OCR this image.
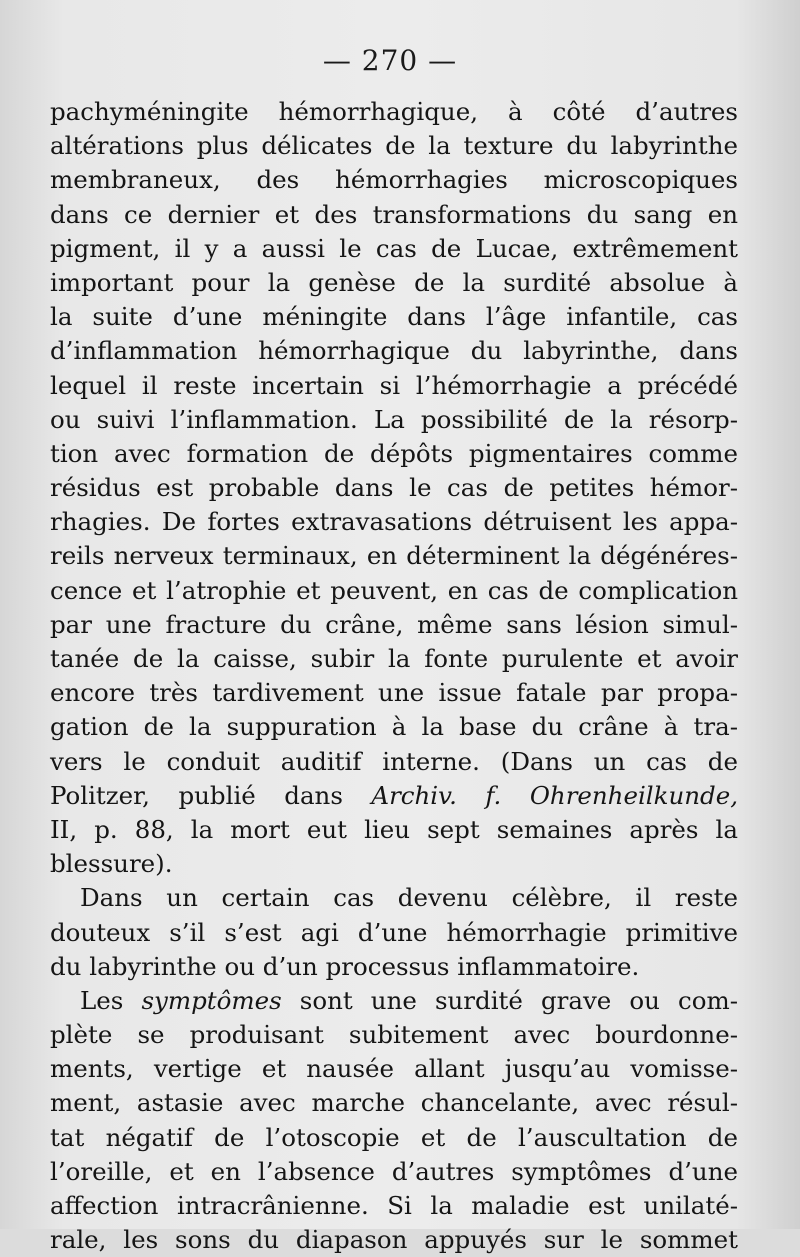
— 270 —
pachyméningite hémorrhagique, à côté d’autres
altérations plus délicates de la texture du labyrinthe
membraneux, des hémorrhagies microscopiques
dans ce dernier et des transformations du sang en
pigment, il y a aussi le cas de Lucae, extrêmement
important pour la genèse de la surdité absolue à
la suite d’une méningite dans l’âge infantile, cas
d’inflammation hémorrhagique du labyrinthe, dans
lequel il reste incertain si l’hémorrhagie a précédé
ou suivi l’inflammation. La possibilité de la résorp-
tion avec formation de dépôts pigmentaires comme
résidus est probable dans le cas de petites hémor-
rhagies. De fortes extravasations détruisent les appa-
reils nerveux terminaux, en déterminent la dégénéres-
cence et l’atrophie et peuvent, en cas de complication
par une fracture du crâne, même sans lésion simul-
tanée de la caisse, subir la fonte purulente et avoir
encore très tardivement une issue fatale par propa-
gation de la suppuration à la base du crâne à tra-
vers le conduit auditif interne. (Dans un cas de
Politzer, publié dans Archiv. f. Ohrenheilkunde,
II, p. 88, la mort eut lieu sept semaines après la
blessure).
Dans un certain cas devenu célèbre, il reste
douteux s’il s’est agi d’une hémorrhagie primitive
du labyrinthe ou d’un processus inflammatoire.
Les symptômes sont une surdité grave ou com-
plète se produisant subitement avec bourdonne-
ments, vertige et nausée allant jusqu’au vomisse-
ment, astasie avec marche chancelante, avec résul-
tat négatif de l’otoscopie et de l’auscultation de
l’oreille, et en l’absence d’autres symptômes d’une
affection intracrânienne. Si la maladie est unilaté-
rale, les sons du diapason appuyés sur le sommet
